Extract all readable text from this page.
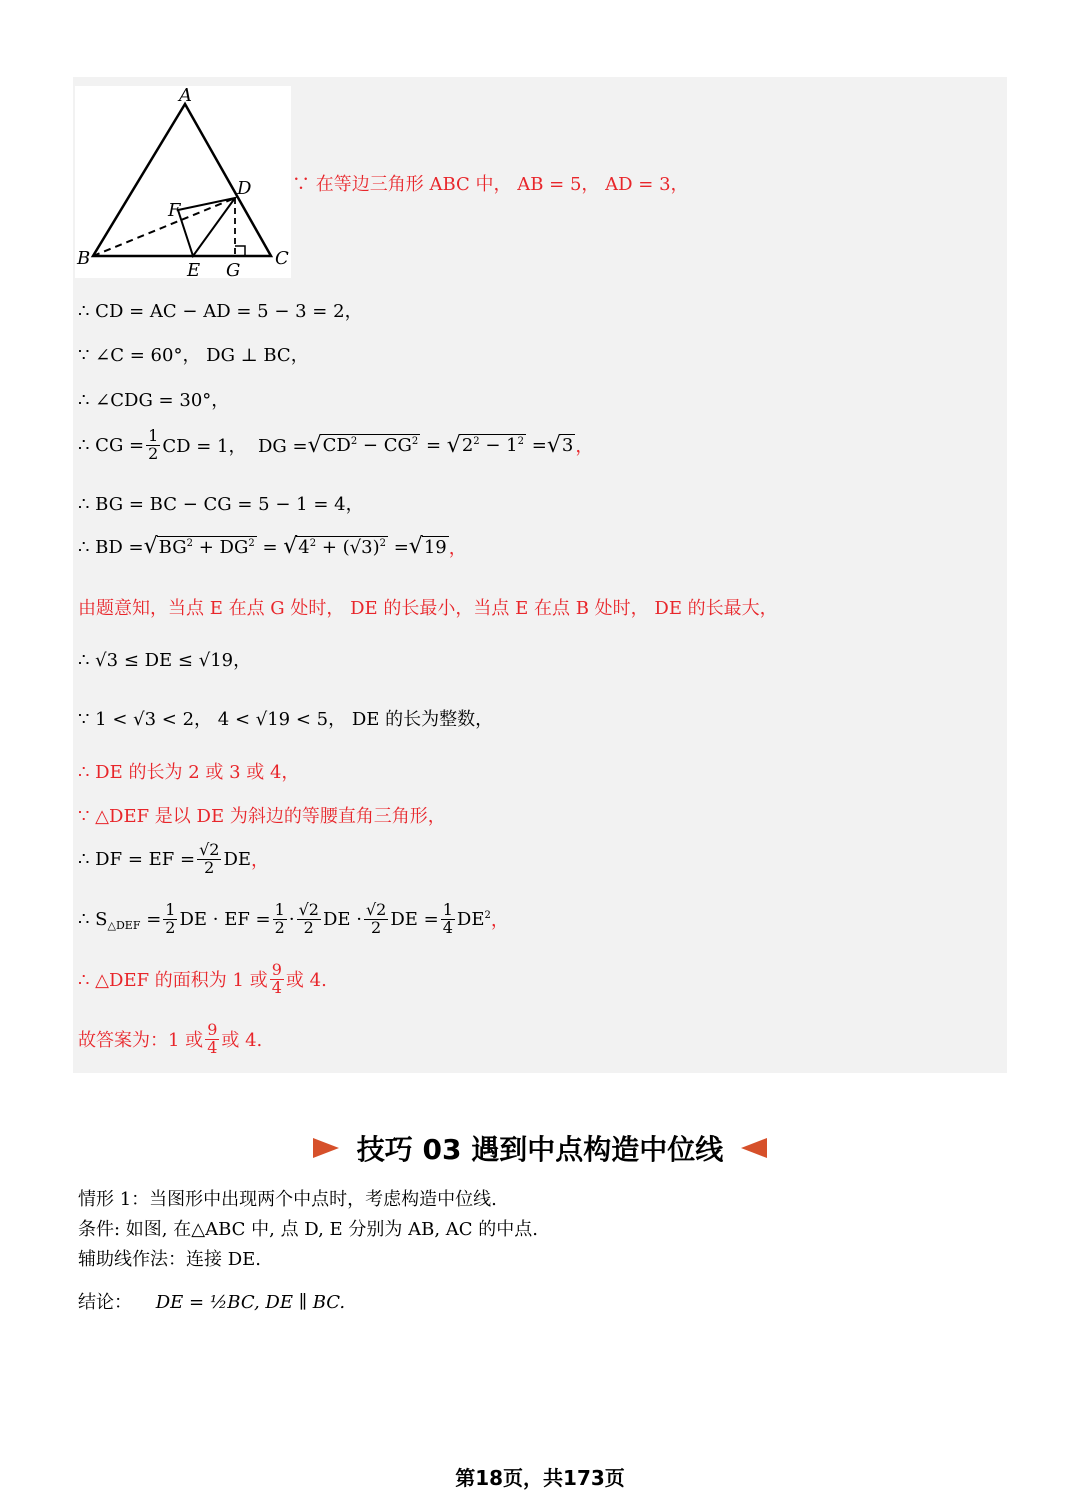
A
B	C
D
E
F
G
∵ 在等边三角形 ABC 中， AB = 5， AD = 3，
∴ CD = AC − AD = 5 − 3 = 2，
∵ ∠C = 60°， DG ⊥ BC，
∴ ∠CDG = 30°，
∴ CG = $\frac{1}{2}$ CD = 1，  DG = √ $CD^2 - CG^2$ = √ $2^2 - 1^2$ = √ 3 ，
∴ BG = BC − CG = 5 − 1 = 4，
∴ BD = √ $BG^2 + DG^2$ = √ $4^2 + (√3)^2$ = √ 19 ，
由题意知，当点 E 在点 G 处时， DE 的长最小，当点 E 在点 B 处时， DE 的长最大，
∴ √3 ≤ DE ≤ √19，
∵ 1 < √3 < 2， 4 < √19 < 5， DE 的长为整数，
∴ DE 的长为 2 或 3 或 4，
∵ △DEF 是以 DE 为斜边的等腰直角三角形，
∴ DF = EF = $\frac{√2}{2}$ DE ，
∴ S △DEF = $\frac{1}{2}$ DE · EF = $\frac{1}{2} \cdot \frac{√2}{2}$ DE · $\frac{√2}{2}$ DE = $\frac{1}{4} DE^2$ ，
∴ △DEF 的面积为 1 或 $\frac{9}{4}$ 或 4.
故答案为：1 或 $\frac{9}{4}$ 或 4.
技巧 03 遇到中点构造中位线
情形 1：当图形中出现两个中点时，考虑构造中位线.
条件: 如图, 在△ABC 中, 点 D, E 分别为 AB, AC 的中点.
辅助线作法：连接 DE.
结论： DE = ½BC, DE ∥ BC.
第18页，共173页
